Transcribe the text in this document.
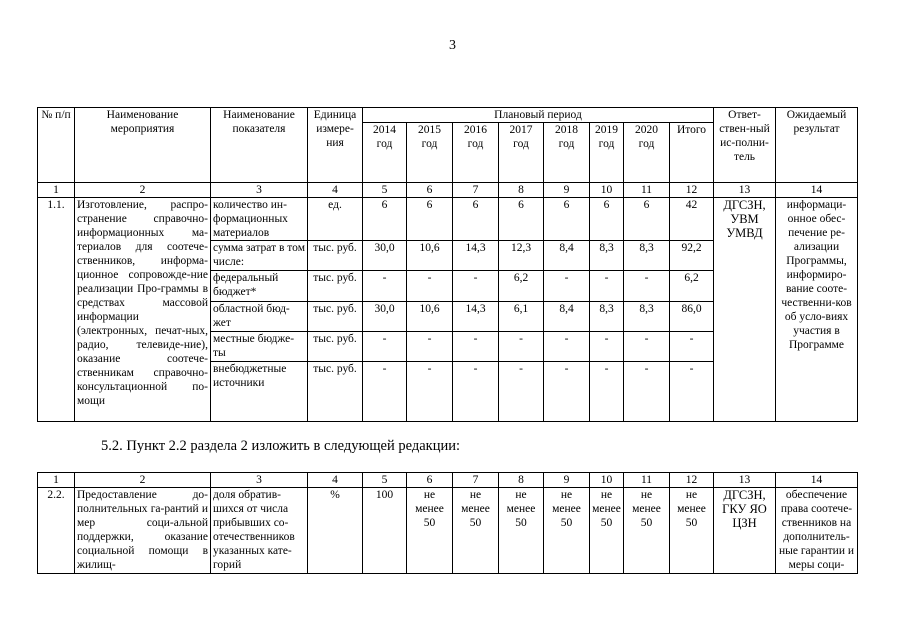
3
№ п/п	Наименование мероприятия	Наименование показателя	Единица измере-ния	Плановый период								Ответ-ствен-ный ис-полни-тель	Ожидаемый результат
				2014 год	2015 год	2016 год	2017 год	2018 год	2019 год	2020 год	Итого		
1	2	3	4	5	6	7	8	9	10	11	12	13	14
1.1.	Изготовление, распро-странение справочно-информационных ма-териалов для соотече-ственников, информа-ционное сопровожде-ние реализации Про-граммы в средствах массовой информации (электронных, печат-ных, радио, телевиде-ние), оказание соотече-ственникам справочно-консультационной по-мощи	количество ин-формационных материалов	ед.	6	6	6	6	6	6	6	42	ДГСЗН, УВМ УМВД	информаци-онное обес-печение ре-ализации Программы, информиро-вание сооте-чественни-ков об усло-виях участия в Программе
		сумма затрат в том числе:	тыс. руб.	30,0	10,6	14,3	12,3	8,4	8,3	8,3	92,2		
		федеральный бюджет*	тыс. руб.	-	-	-	6,2	-	-	-	6,2		
		областной бюд-жет	тыс. руб.	30,0	10,6	14,3	6,1	8,4	8,3	8,3	86,0		
		местные бюдже-ты	тыс. руб.	-	-	-	-	-	-	-	-		
		внебюджетные источники	тыс. руб.	-	-	-	-	-	-	-	-		
5.2. Пункт 2.2 раздела 2 изложить в следующей редакции:
1	2	3	4	5	6	7	8	9	10	11	12	13	14
2.2.	Предоставление до-полнительных га-рантий и мер соци-альной поддержки, оказание социальной помощи в жилищ-	доля обратив-шихся от числа прибывших со-отечественников указанных кате-горий	%	100	не менее 50	не менее 50	не менее 50	не менее 50	не менее 50	не менее 50	не менее 50	ДГСЗН, ГКУ ЯО ЦЗН	обеспечение права соотече-ственников на дополнитель-ные гарантии и меры соци-
